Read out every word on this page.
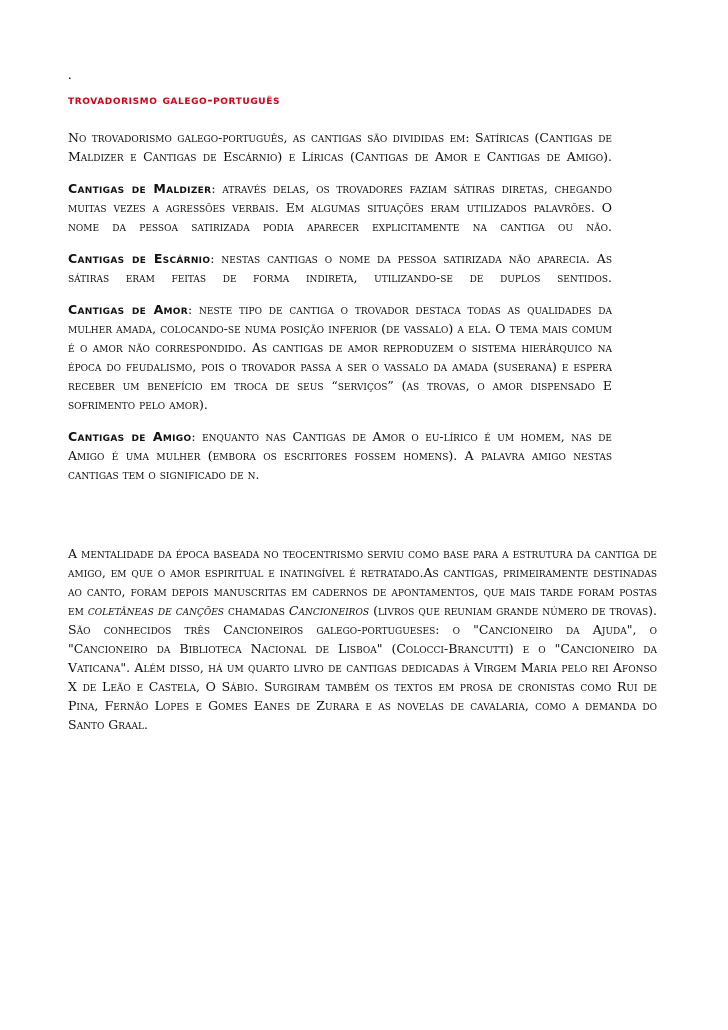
.
trovadorismo galego-português

No trovadorismo galego-português, as cantigas são divididas em: Satíricas (Cantigas de Maldizer e Cantigas de Escárnio) e Líricas (Cantigas de Amor e Cantigas de Amigo).

Cantigas de Maldizer: através delas, os trovadores faziam sátiras diretas, chegando muitas vezes a agressões verbais. Em algumas situações eram utilizados palavrões. O nome da pessoa satirizada podia aparecer explicitamente na cantiga ou não.

Cantigas de Escárnio: nestas cantigas o nome da pessoa satirizada não aparecia. As sátiras eram feitas de forma indireta, utilizando-se de duplos sentidos.

Cantigas de Amor: neste tipo de cantiga o trovador destaca todas as qualidades da mulher amada, colocando-se numa posição inferior (de vassalo) a ela. O tema mais comum é o amor não correspondido. As cantigas de amor reproduzem o sistema hierárquico na época do feudalismo, pois o trovador passa a ser o vassalo da amada (suserana) e espera receber um benefício em troca de seus “serviços” (as trovas, o amor dispensado E sofrimento pelo amor).

Cantigas de Amigo: enquanto nas Cantigas de Amor o eu-lírico é um homem, nas de Amigo é uma mulher (embora os escritores fossem homens). A palavra amigo nestas cantigas tem o significado de n.

A mentalidade da época baseada no teocentrismo serviu como base para a estrutura da cantiga de amigo, em que o amor espiritual e inatingível é retratado.As cantigas, primeiramente destinadas ao canto, foram depois manuscritas em cadernos de apontamentos, que mais tarde foram postas em coletâneas de canções chamadas Cancioneiros (livros que reuniam grande número de trovas). São conhecidos três Cancioneiros galego-portugueses: o "Cancioneiro da Ajuda", o "Cancioneiro da Biblioteca Nacional de Lisboa" (Colocci-Brancutti) e o "Cancioneiro da Vaticana". Além disso, há um quarto livro de cantigas dedicadas à Virgem Maria pelo rei Afonso X de Leão e Castela, O Sábio. Surgiram também os textos em prosa de cronistas como Rui de Pina, Fernão Lopes e Gomes Eanes de Zurara e as novelas de cavalaria, como a demanda do Santo Graal.
